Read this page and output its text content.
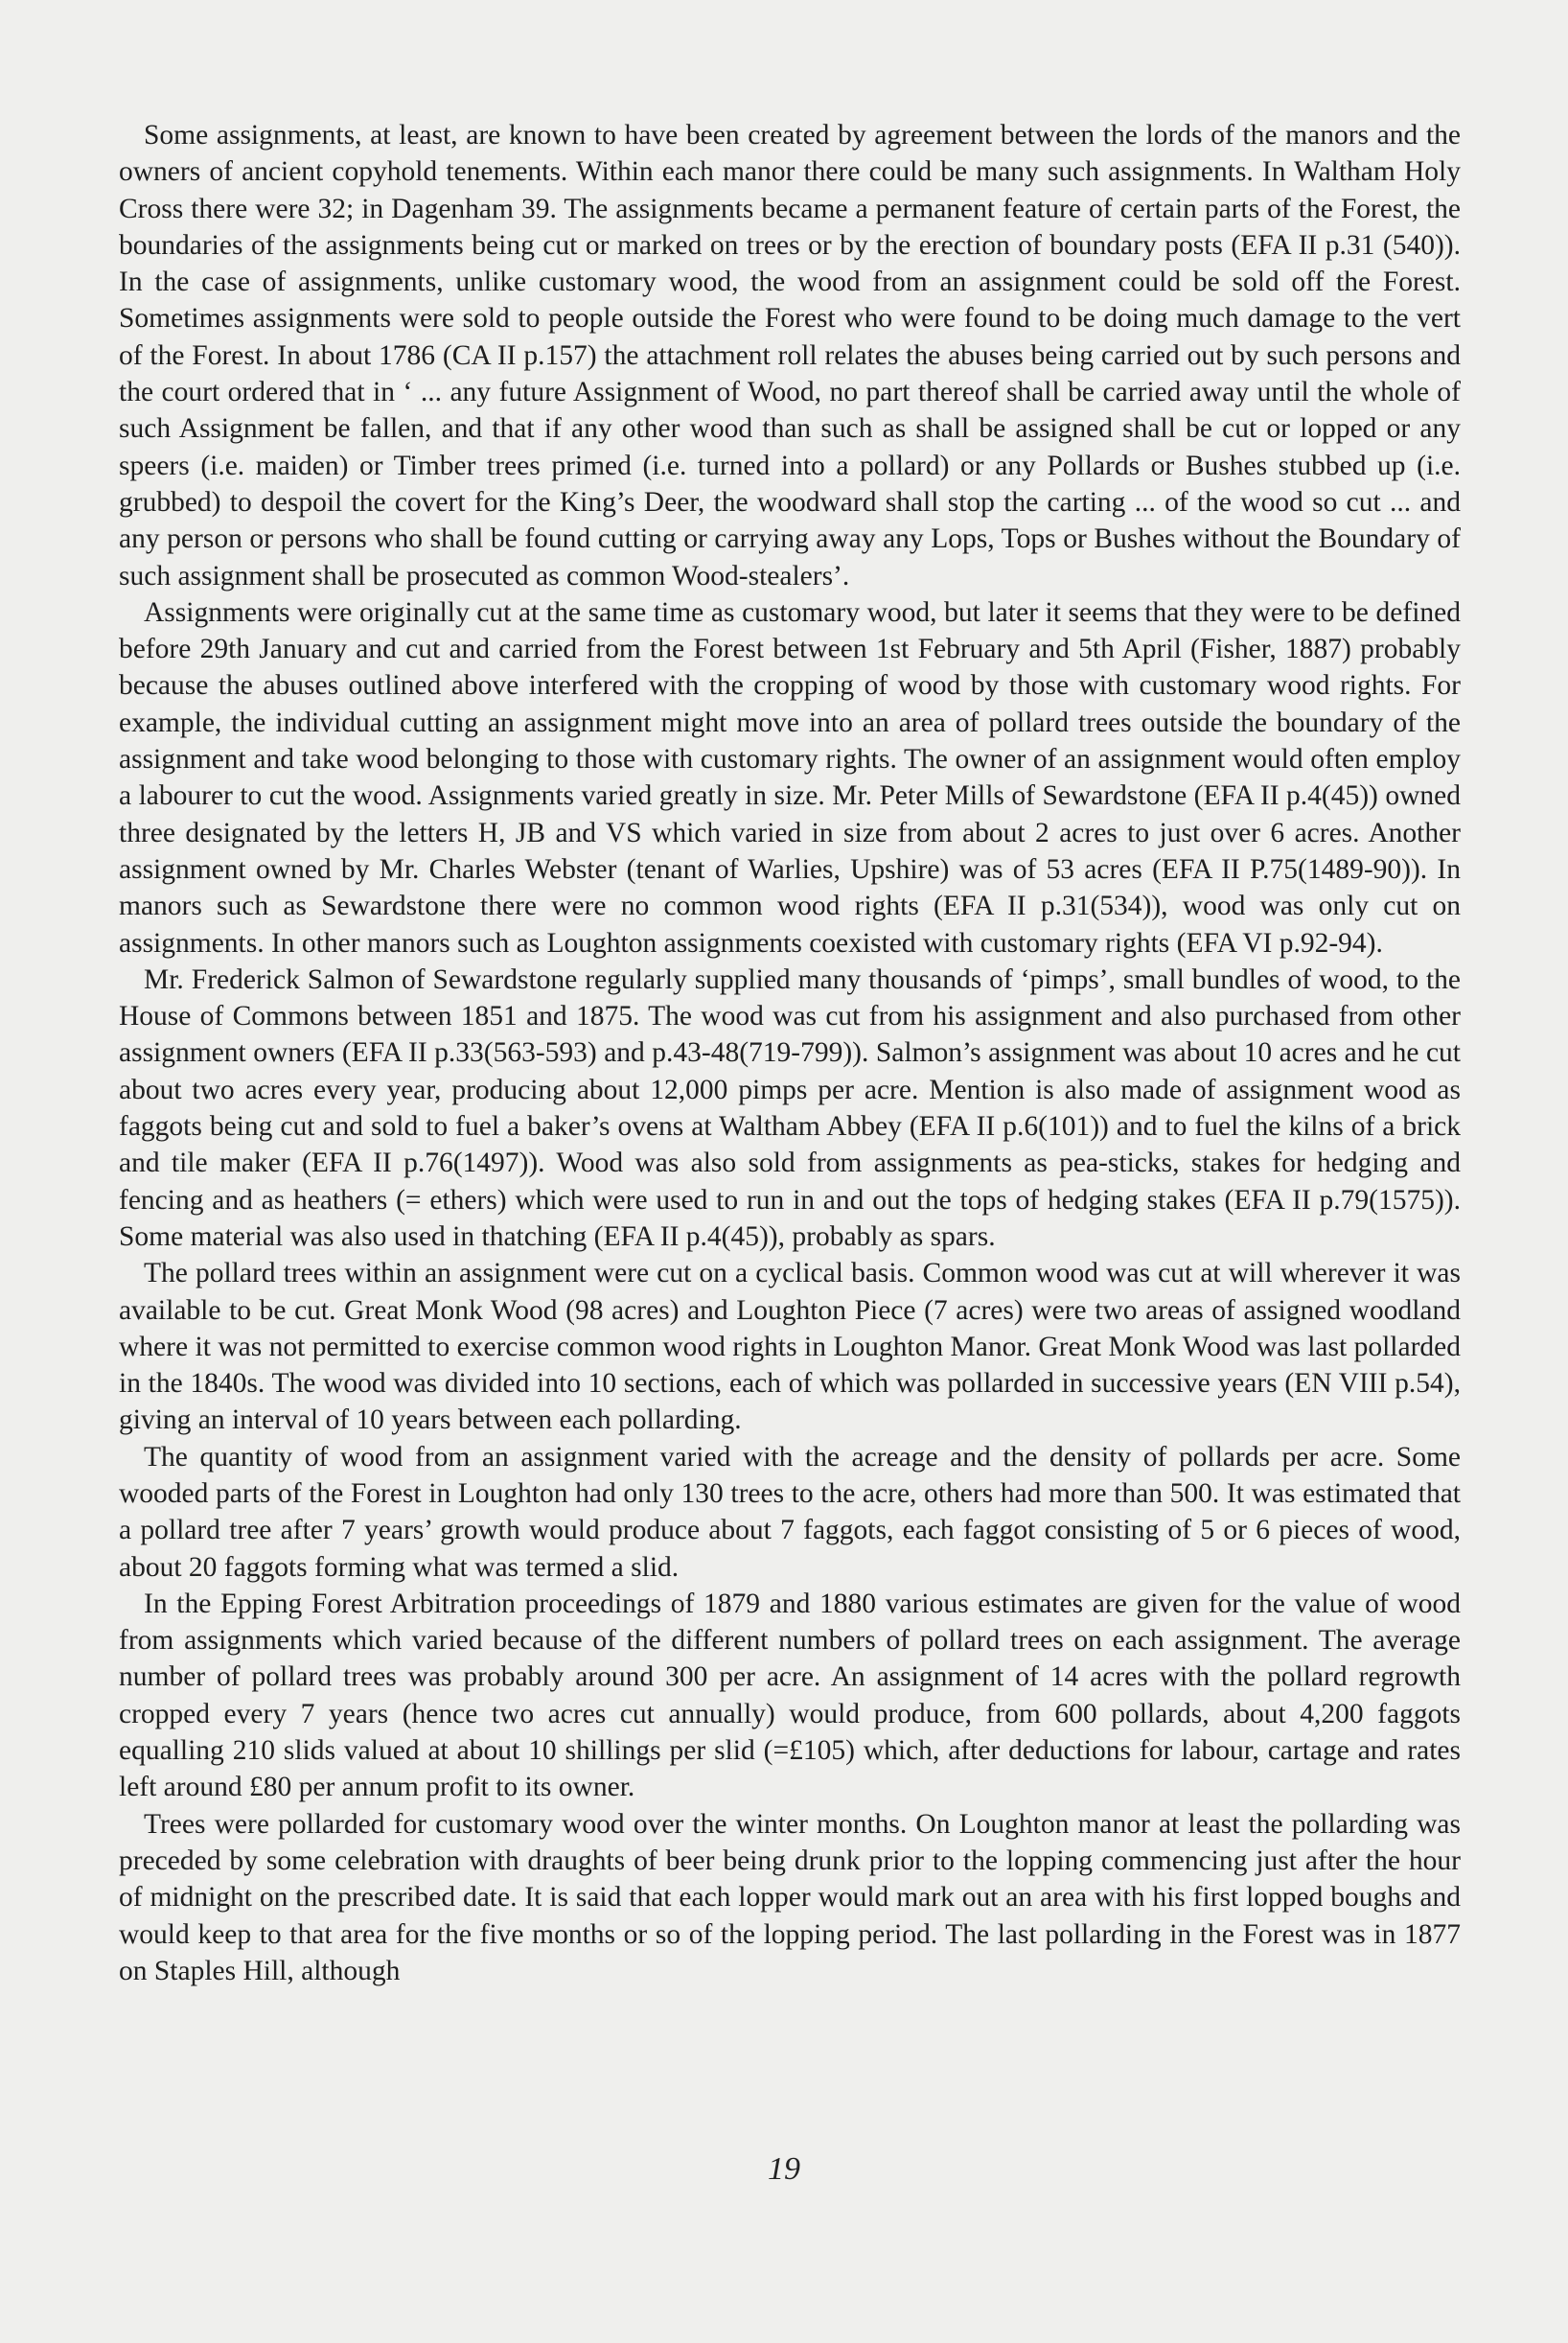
Some assignments, at least, are known to have been created by agreement between the lords of the manors and the owners of ancient copyhold tenements. Within each manor there could be many such assignments. In Waltham Holy Cross there were 32; in Dagenham 39. The assignments became a permanent feature of certain parts of the Forest, the boundaries of the assignments being cut or marked on trees or by the erection of boundary posts (EFA II p.31 (540)). In the case of assignments, unlike customary wood, the wood from an assignment could be sold off the Forest. Sometimes assignments were sold to people outside the Forest who were found to be doing much damage to the vert of the Forest. In about 1786 (CA II p.157) the attachment roll relates the abuses being carried out by such persons and the court ordered that in ‘ ... any future Assignment of Wood, no part thereof shall be carried away until the whole of such Assignment be fallen, and that if any other wood than such as shall be assigned shall be cut or lopped or any speers (i.e. maiden) or Timber trees primed (i.e. turned into a pollard) or any Pollards or Bushes stubbed up (i.e. grubbed) to despoil the covert for the King’s Deer, the woodward shall stop the carting ... of the wood so cut ... and any person or persons who shall be found cutting or carrying away any Lops, Tops or Bushes without the Boundary of such assignment shall be prosecuted as common Wood-stealers’.

Assignments were originally cut at the same time as customary wood, but later it seems that they were to be defined before 29th January and cut and carried from the Forest between 1st February and 5th April (Fisher, 1887) probably because the abuses outlined above interfered with the cropping of wood by those with customary wood rights. For example, the individual cutting an assignment might move into an area of pollard trees outside the boundary of the assignment and take wood belonging to those with customary rights. The owner of an assignment would often employ a labourer to cut the wood. Assignments varied greatly in size. Mr. Peter Mills of Sewardstone (EFA II p.4(45)) owned three designated by the letters H, JB and VS which varied in size from about 2 acres to just over 6 acres. Another assignment owned by Mr. Charles Webster (tenant of Warlies, Upshire) was of 53 acres (EFA II P.75(1489-90)). In manors such as Sewardstone there were no common wood rights (EFA II p.31(534)), wood was only cut on assignments. In other manors such as Loughton assignments coexisted with customary rights (EFA VI p.92-94).

Mr. Frederick Salmon of Sewardstone regularly supplied many thousands of ‘pimps’, small bundles of wood, to the House of Commons between 1851 and 1875. The wood was cut from his assignment and also purchased from other assignment owners (EFA II p.33(563-593) and p.43-48(719-799)). Salmon’s assignment was about 10 acres and he cut about two acres every year, producing about 12,000 pimps per acre. Mention is also made of assignment wood as faggots being cut and sold to fuel a baker’s ovens at Waltham Abbey (EFA II p.6(101)) and to fuel the kilns of a brick and tile maker (EFA II p.76(1497)). Wood was also sold from assignments as pea-sticks, stakes for hedging and fencing and as heathers (= ethers) which were used to run in and out the tops of hedging stakes (EFA II p.79(1575)). Some material was also used in thatching (EFA II p.4(45)), probably as spars.

The pollard trees within an assignment were cut on a cyclical basis. Common wood was cut at will wherever it was available to be cut. Great Monk Wood (98 acres) and Loughton Piece (7 acres) were two areas of assigned woodland where it was not permitted to exercise common wood rights in Loughton Manor. Great Monk Wood was last pollarded in the 1840s. The wood was divided into 10 sections, each of which was pollarded in successive years (EN VIII p.54), giving an interval of 10 years between each pollarding.

The quantity of wood from an assignment varied with the acreage and the density of pollards per acre. Some wooded parts of the Forest in Loughton had only 130 trees to the acre, others had more than 500. It was estimated that a pollard tree after 7 years’ growth would produce about 7 faggots, each faggot consisting of 5 or 6 pieces of wood, about 20 faggots forming what was termed a slid.

In the Epping Forest Arbitration proceedings of 1879 and 1880 various estimates are given for the value of wood from assignments which varied because of the different numbers of pollard trees on each assignment. The average number of pollard trees was probably around 300 per acre. An assignment of 14 acres with the pollard regrowth cropped every 7 years (hence two acres cut annually) would produce, from 600 pollards, about 4,200 faggots equalling 210 slids valued at about 10 shillings per slid (=£105) which, after deductions for labour, cartage and rates left around £80 per annum profit to its owner.

Trees were pollarded for customary wood over the winter months. On Loughton manor at least the pollarding was preceded by some celebration with draughts of beer being drunk prior to the lopping commencing just after the hour of midnight on the prescribed date. It is said that each lopper would mark out an area with his first lopped boughs and would keep to that area for the five months or so of the lopping period. The last pollarding in the Forest was in 1877 on Staples Hill, although

19
